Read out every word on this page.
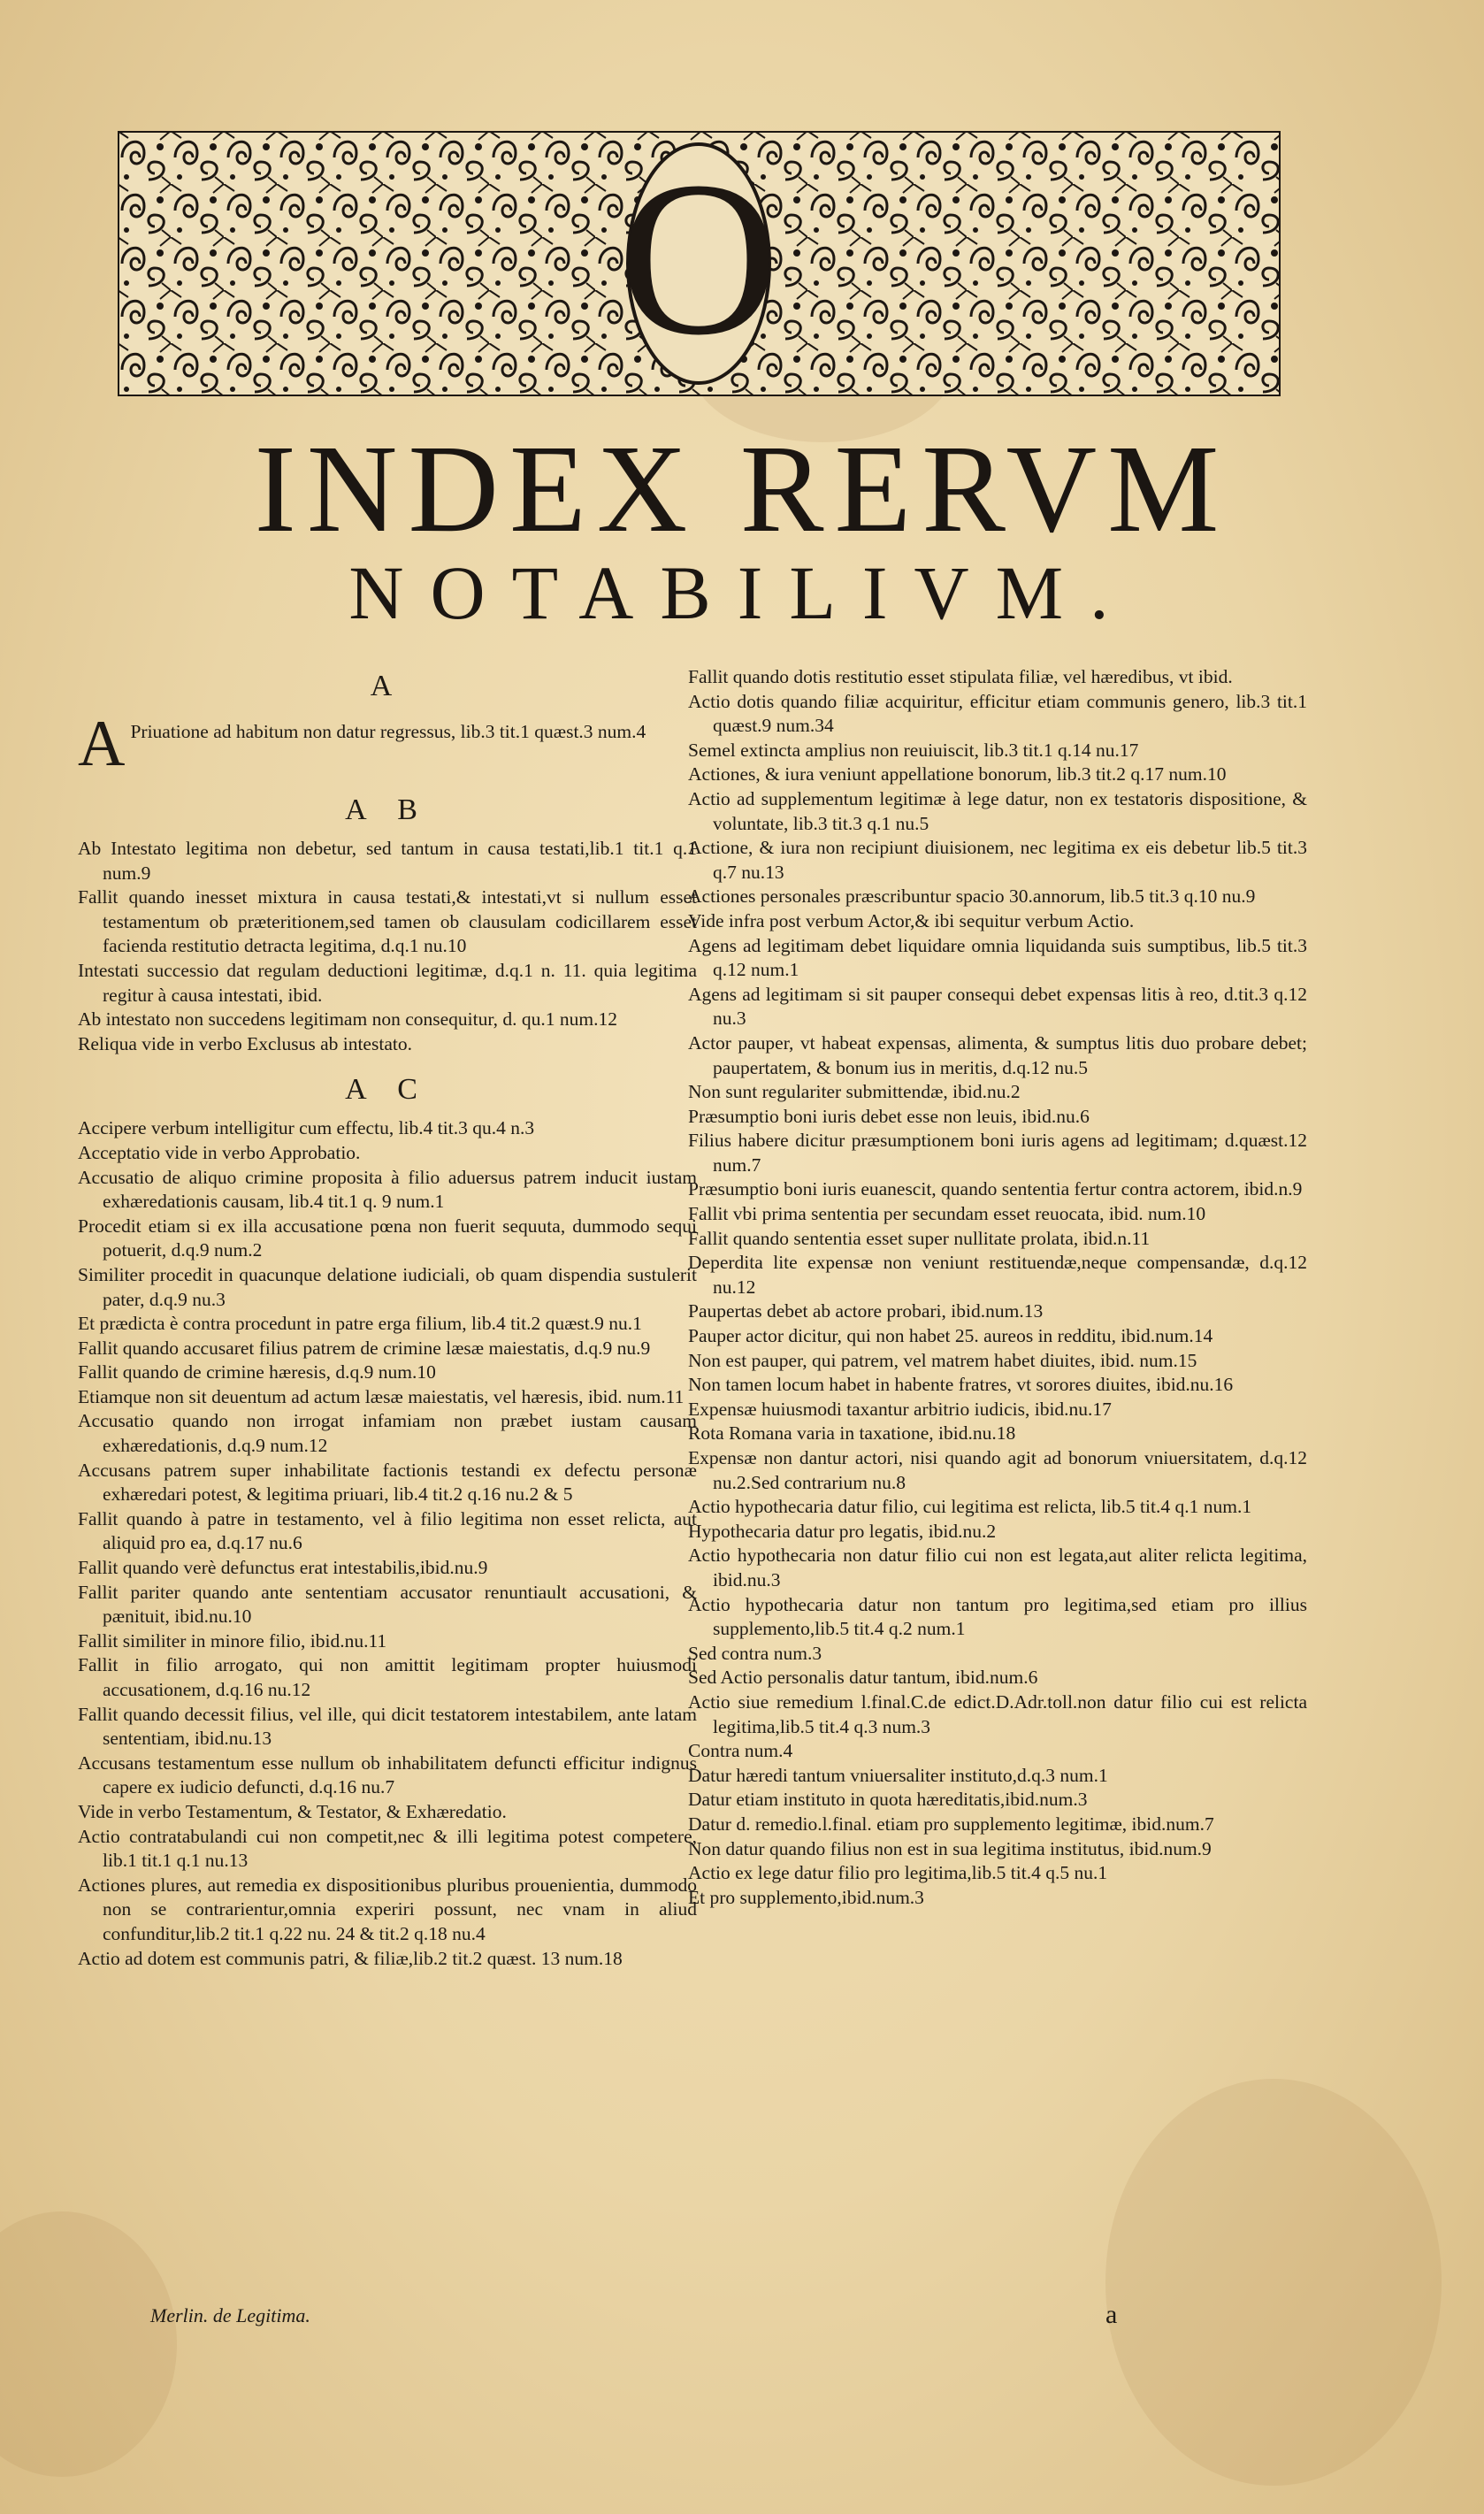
O
INDEX RERVM
NOTABILIVM.
A
A Priuatione ad habitum non datur regressus, lib.3 tit.1 quæst.3 num.4
A B

Ab Intestato legitima non debetur, sed tantum in causa testati,lib.1 tit.1 q.1 num.9

Fallit quando inesset mixtura in causa testati,& intestati,vt si nullum esset testamentum ob præteritionem,sed tamen ob clausulam codicillarem esset facienda restitutio detracta legitima, d.q.1 nu.10

Intestati successio dat regulam deductioni legitimæ, d.q.1 n. 11. quia legitima regitur à causa intestati, ibid.

Ab intestato non succedens legitimam non consequitur, d. qu.1 num.12

Reliqua vide in verbo Exclusus ab intestato.

A C

Accipere verbum intelligitur cum effectu, lib.4 tit.3 qu.4 n.3

Acceptatio vide in verbo Approbatio.

Accusatio de aliquo crimine proposita à filio aduersus patrem inducit iustam exhæredationis causam, lib.4 tit.1 q. 9 num.1

Procedit etiam si ex illa accusatione pœna non fuerit sequuta, dummodo sequi potuerit, d.q.9 num.2

Similiter procedit in quacunque delatione iudiciali, ob quam dispendia sustulerit pater, d.q.9 nu.3

Et prædicta è contra procedunt in patre erga filium, lib.4 tit.2 quæst.9 nu.1

Fallit quando accusaret filius patrem de crimine læsæ maiestatis, d.q.9 nu.9

Fallit quando de crimine hæresis, d.q.9 num.10

Etiamque non sit deuentum ad actum læsæ maiestatis, vel hæresis, ibid. num.11

Accusatio quando non irrogat infamiam non præbet iustam causam exhæredationis, d.q.9 num.12

Accusans patrem super inhabilitate factionis testandi ex defectu personæ exhæredari potest, & legitima priuari, lib.4 tit.2 q.16 nu.2 & 5

Fallit quando à patre in testamento, vel à filio legitima non esset relicta, aut aliquid pro ea, d.q.17 nu.6

Fallit quando verè defunctus erat intestabilis,ibid.nu.9

Fallit pariter quando ante sententiam accusator renuntiault accusationi, & pænituit, ibid.nu.10

Fallit similiter in minore filio, ibid.nu.11

Fallit in filio arrogato, qui non amittit legitimam propter huiusmodi accusationem, d.q.16 nu.12

Fallit quando decessit filius, vel ille, qui dicit testatorem intestabilem, ante latam sententiam, ibid.nu.13

Accusans testamentum esse nullum ob inhabilitatem defuncti efficitur indignus capere ex iudicio defuncti, d.q.16 nu.7

Vide in verbo Testamentum, & Testator, & Exhæredatio.

Actio contratabulandi cui non competit,nec & illi legitima potest competere, lib.1 tit.1 q.1 nu.13

Actiones plures, aut remedia ex dispositionibus pluribus prouenientia, dummodo non se contrarientur,omnia experiri possunt, nec vnam in aliud confunditur,lib.2 tit.1 q.22 nu. 24 & tit.2 q.18 nu.4

Actio ad dotem est communis patri, & filiæ,lib.2 tit.2 quæst. 13 num.18

Fallit quando dotis restitutio esset stipulata filiæ, vel hæredibus, vt ibid.

Actio dotis quando filiæ acquiritur, efficitur etiam communis genero, lib.3 tit.1 quæst.9 num.34

Semel extincta amplius non reuiuiscit, lib.3 tit.1 q.14 nu.17

Actiones, & iura veniunt appellatione bonorum, lib.3 tit.2 q.17 num.10

Actio ad supplementum legitimæ à lege datur, non ex testatoris dispositione, & voluntate, lib.3 tit.3 q.1 nu.5

Actione, & iura non recipiunt diuisionem, nec legitima ex eis debetur lib.5 tit.3 q.7 nu.13

Actiones personales præscribuntur spacio 30.annorum, lib.5 tit.3 q.10 nu.9

Vide infra post verbum Actor,& ibi sequitur verbum Actio.

Agens ad legitimam debet liquidare omnia liquidanda suis sumptibus, lib.5 tit.3 q.12 num.1

Agens ad legitimam si sit pauper consequi debet expensas litis à reo, d.tit.3 q.12 nu.3

Actor pauper, vt habeat expensas, alimenta, & sumptus litis duo probare debet; paupertatem, & bonum ius in meritis, d.q.12 nu.5

Non sunt regulariter submittendæ, ibid.nu.2

Præsumptio boni iuris debet esse non leuis, ibid.nu.6

Filius habere dicitur præsumptionem boni iuris agens ad legitimam; d.quæst.12 num.7

Præsumptio boni iuris euanescit, quando sententia fertur contra actorem, ibid.n.9

Fallit vbi prima sententia per secundam esset reuocata, ibid. num.10

Fallit quando sententia esset super nullitate prolata, ibid.n.11

Deperdita lite expensæ non veniunt restituendæ,neque compensandæ, d.q.12 nu.12

Paupertas debet ab actore probari, ibid.num.13

Pauper actor dicitur, qui non habet 25. aureos in redditu, ibid.num.14

Non est pauper, qui patrem, vel matrem habet diuites, ibid. num.15

Non tamen locum habet in habente fratres, vt sorores diuites, ibid.nu.16

Expensæ huiusmodi taxantur arbitrio iudicis, ibid.nu.17

Rota Romana varia in taxatione, ibid.nu.18

Expensæ non dantur actori, nisi quando agit ad bonorum vniuersitatem, d.q.12 nu.2.Sed contrarium nu.8

Actio hypothecaria datur filio, cui legitima est relicta, lib.5 tit.4 q.1 num.1

Hypothecaria datur pro legatis, ibid.nu.2

Actio hypothecaria non datur filio cui non est legata,aut aliter relicta legitima, ibid.nu.3

Actio hypothecaria datur non tantum pro legitima,sed etiam pro illius supplemento,lib.5 tit.4 q.2 num.1

Sed contra num.3

Sed Actio personalis datur tantum, ibid.num.6

Actio siue remedium l.final.C.de edict.D.Adr.toll.non datur filio cui est relicta legitima,lib.5 tit.4 q.3 num.3

Contra num.4

Datur hæredi tantum vniuersaliter instituto,d.q.3 num.1

Datur etiam instituto in quota hæreditatis,ibid.num.3

Datur d. remedio.l.final. etiam pro supplemento legitimæ, ibid.num.7

Non datur quando filius non est in sua legitima institutus, ibid.num.9

Actio ex lege datur filio pro legitima,lib.5 tit.4 q.5 nu.1

Et pro supplemento,ibid.num.3

Merlin. de Legitima.	a
